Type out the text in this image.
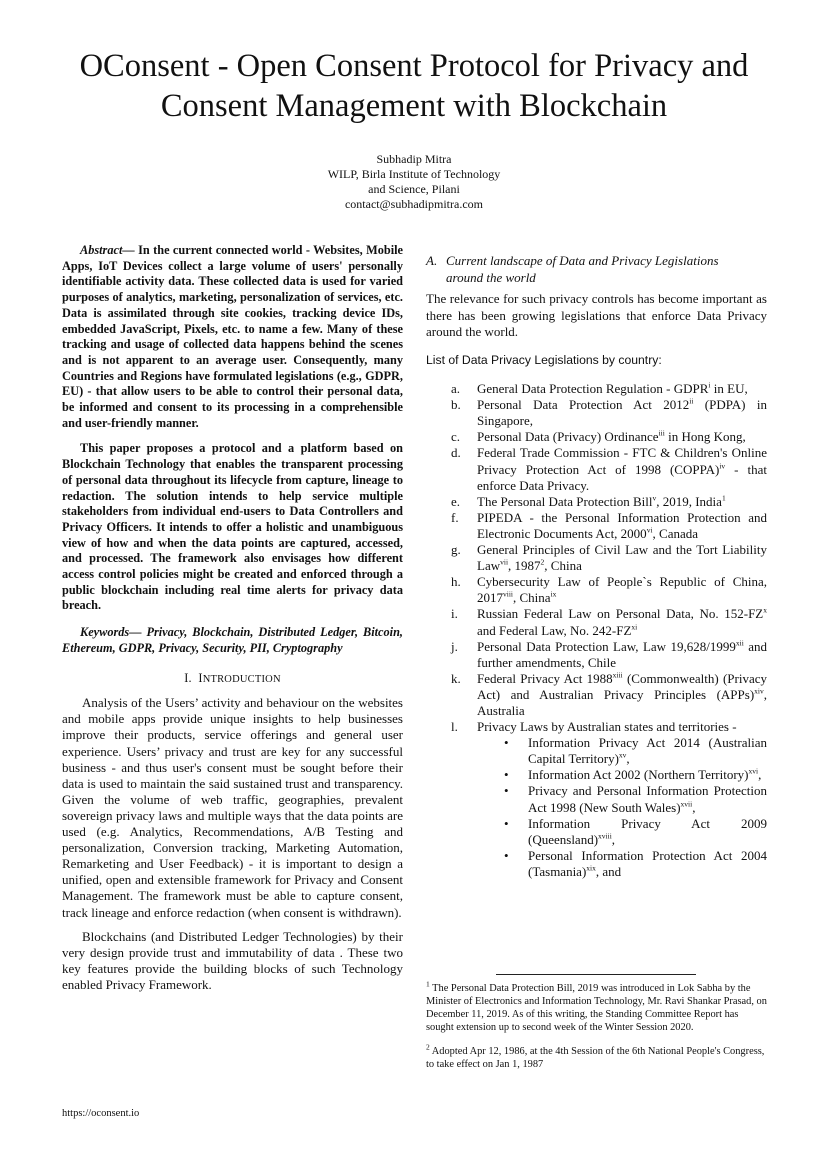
OConsent - Open Consent Protocol for Privacy and
Consent Management with Blockchain
Subhadip Mitra
WILP, Birla Institute of Technology
and Science, Pilani
contact@subhadipmitra.com

Abstract— In the current connected world - Websites, Mobile Apps, IoT Devices collect a large volume of users' personally identifiable activity data. These collected data is used for varied purposes of analytics, marketing, personalization of services, etc. Data is assimilated through site cookies, tracking device IDs, embedded JavaScript, Pixels, etc. to name a few. Many of these tracking and usage of collected data happens behind the scenes and is not apparent to an average user. Consequently, many Countries and Regions have formulated legislations (e.g., GDPR, EU) - that allow users to be able to control their personal data, be informed and consent to its processing in a comprehensible and user-friendly manner.

This paper proposes a protocol and a platform based on Blockchain Technology that enables the transparent processing of personal data throughout its lifecycle from capture, lineage to redaction. The solution intends to help service multiple stakeholders from individual end-users to Data Controllers and Privacy Officers. It intends to offer a holistic and unambiguous view of how and when the data points are captured, accessed, and processed. The framework also envisages how different access control policies might be created and enforced through a public blockchain including real time alerts for privacy data breach.

Keywords— Privacy, Blockchain, Distributed Ledger, Bitcoin, Ethereum, GDPR, Privacy, Security, PII, Cryptography

I. INTRODUCTION

Analysis of the Users’ activity and behaviour on the websites and mobile apps provide unique insights to help businesses improve their products, service offerings and general user experience. Users’ privacy and trust are key for any successful business - and thus user's consent must be sought before their data is used to maintain the said sustained trust and transparency. Given the volume of web traffic, geographies, prevalent sovereign privacy laws and multiple ways that the data points are used (e.g. Analytics, Recommendations, A/B Testing and personalization, Conversion tracking, Marketing Automation, Remarketing and User Feedback) - it is important to design a unified, open and extensible framework for Privacy and Consent Management. The framework must be able to capture consent, track lineage and enforce redaction (when consent is withdrawn).

Blockchains (and Distributed Ledger Technologies) by their very design provide trust and immutability of data . These two key features provide the building blocks of such Technology enabled Privacy Framework.

A. Current landscape of Data and Privacy Legislations
around the world

The relevance for such privacy controls has become important as there has been growing legislations that enforce Data Privacy around the world.

List of Data Privacy Legislations by country:

a. General Data Protection Regulation - GDPR$^i$ in EU,
b. Personal Data Protection Act 2012$^{ii}$ (PDPA) in Singapore,
c. Personal Data (Privacy) Ordinance$^{iii}$ in Hong Kong,
d. Federal Trade Commission - FTC & Children's Online Privacy Protection Act of 1998 (COPPA)$^{iv}$ - that enforce Data Privacy.
e. The Personal Data Protection Bill$^v$, 2019, India$^1$
f. PIPEDA - the Personal Information Protection and Electronic Documents Act, 2000$^{vi}$, Canada
g. General Principles of Civil Law and the Tort Liability Law$^{vii}$, 1987$^2$, China
h. Cybersecurity Law of People`s Republic of China, 2017$^{viii}$, China$^{ix}$
i. Russian Federal Law on Personal Data, No. $152-FZ^x$ and Federal Law, No. 242-FZ$^{xi}$
j. Personal Data Protection Law, Law 19,628/1999$^{xii}$ and further amendments, Chile
k. Federal Privacy Act 1988$^{xiii}$ (Commonwealth) (Privacy Act) and Australian Privacy Principles (APPs)$^{xiv}$, Australia
l. Privacy Laws by Australian states and territories -
• Information Privacy Act 2014 (Australian Capital Territory)$^{xv}$,
• Information Act 2002 (Northern Territory)$^{xvi}$,
• Privacy and Personal Information Protection Act 1998 (New South Wales)$^{xvii}$,
• Information Privacy Act 2009 (Queensland)$^{xviii}$,
• Personal Information Protection Act 2004 (Tasmania)$^{xix}$, and

$^1$ The Personal Data Protection Bill, 2019 was introduced in Lok Sabha by the Minister of Electronics and Information Technology, Mr. Ravi Shankar Prasad, on December 11, 2019. As of this writing, the Standing Committee Report has sought extension up to second week of the Winter Session 2020.

$^2$ Adopted Apr 12, 1986, at the 4th Session of the 6th National People's Congress, to take effect on Jan 1, 1987

https://oconsent.io
